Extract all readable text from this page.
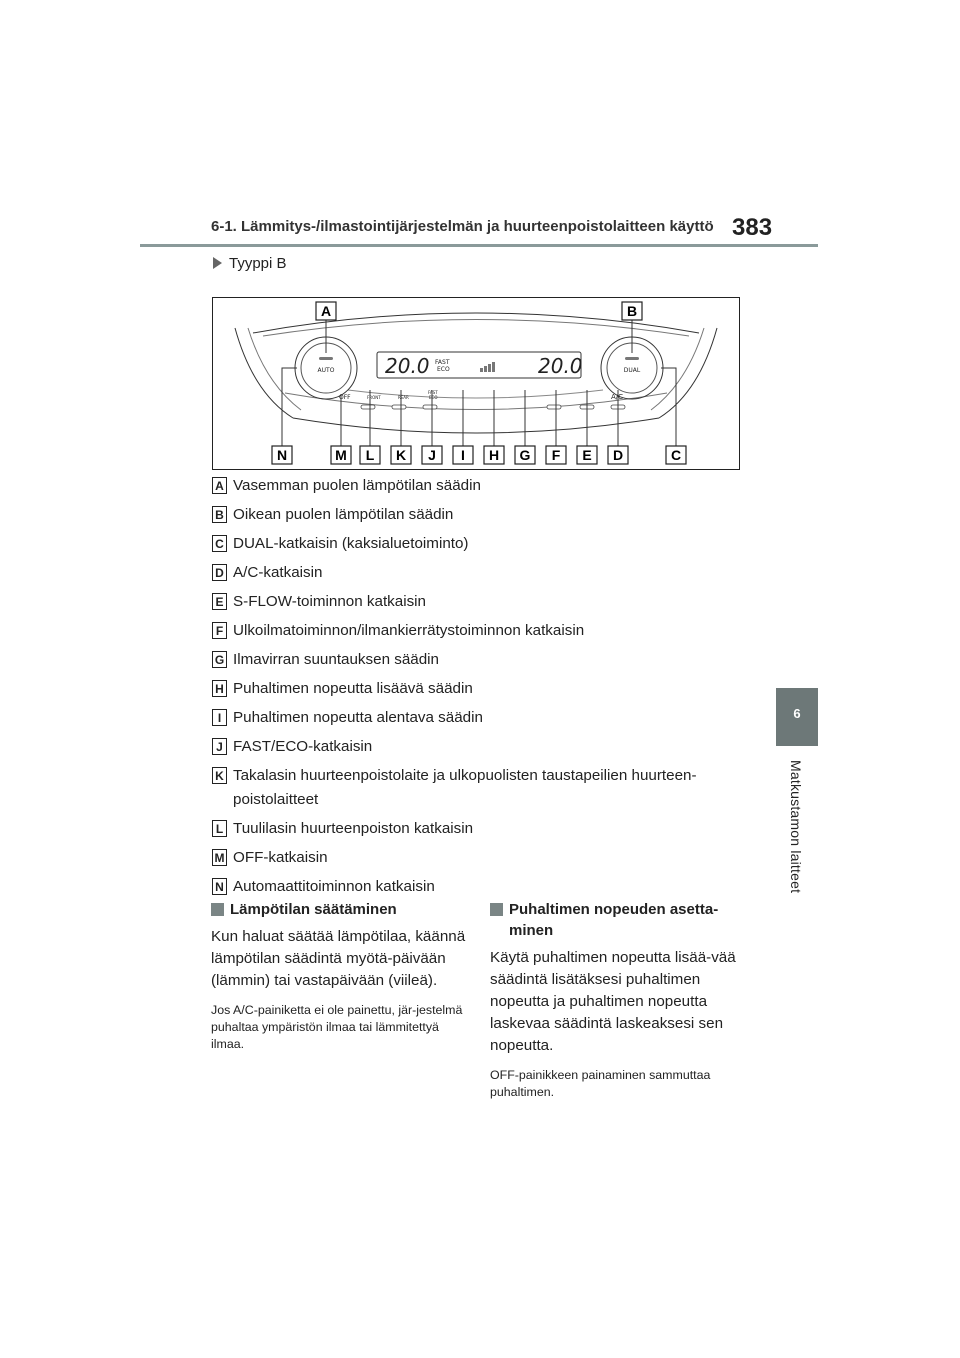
6-1. Lämmitys-/ilmastointijärjestelmän ja huurteenpoistolaitteen käyttö 383
6
Matkustamon laitteet
Tyyppi B
AUTO	DUAL
20.0	20.0
FAST
ECO
OFF	FRONT	REAR
FAST
ECO	A/C
A	B
N	M L K J I H G F E D	C
A Vasemman puolen lämpötilan säädin
B Oikean puolen lämpötilan säädin
C DUAL-katkaisin (kaksialuetoiminto)
D A/C-katkaisin
E S-FLOW-toiminnon katkaisin
F Ulkoilmatoiminnon/ilmankierrätystoiminnon katkaisin
G Ilmavirran suuntauksen säädin
H Puhaltimen nopeutta lisäävä säädin
I Puhaltimen nopeutta alentava säädin
J FAST/ECO-katkaisin
K Takalasin huurteenpoistolaite ja ulkopuolisten taustapeilien huurteen-poistolaitteet
L Tuulilasin huurteenpoiston katkaisin
M OFF-katkaisin
N Automaattitoiminnon katkaisin
Lämpötilan säätäminen
Kun haluat säätää lämpötilaa, käännä lämpötilan säädintä myötä-päivään (lämmin) tai vastapäivään (viileä).
Jos A/C-painiketta ei ole painettu, jär-jestelmä puhaltaa ympäristön ilmaa tai lämmitettyä ilmaa.
Puhaltimen nopeuden asetta-minen
Käytä puhaltimen nopeutta lisää-vää säädintä lisätäksesi puhaltimen nopeutta ja puhaltimen nopeutta laskevaa säädintä laskeaksesi sen nopeutta.
OFF-painikkeen painaminen sammuttaa puhaltimen.
